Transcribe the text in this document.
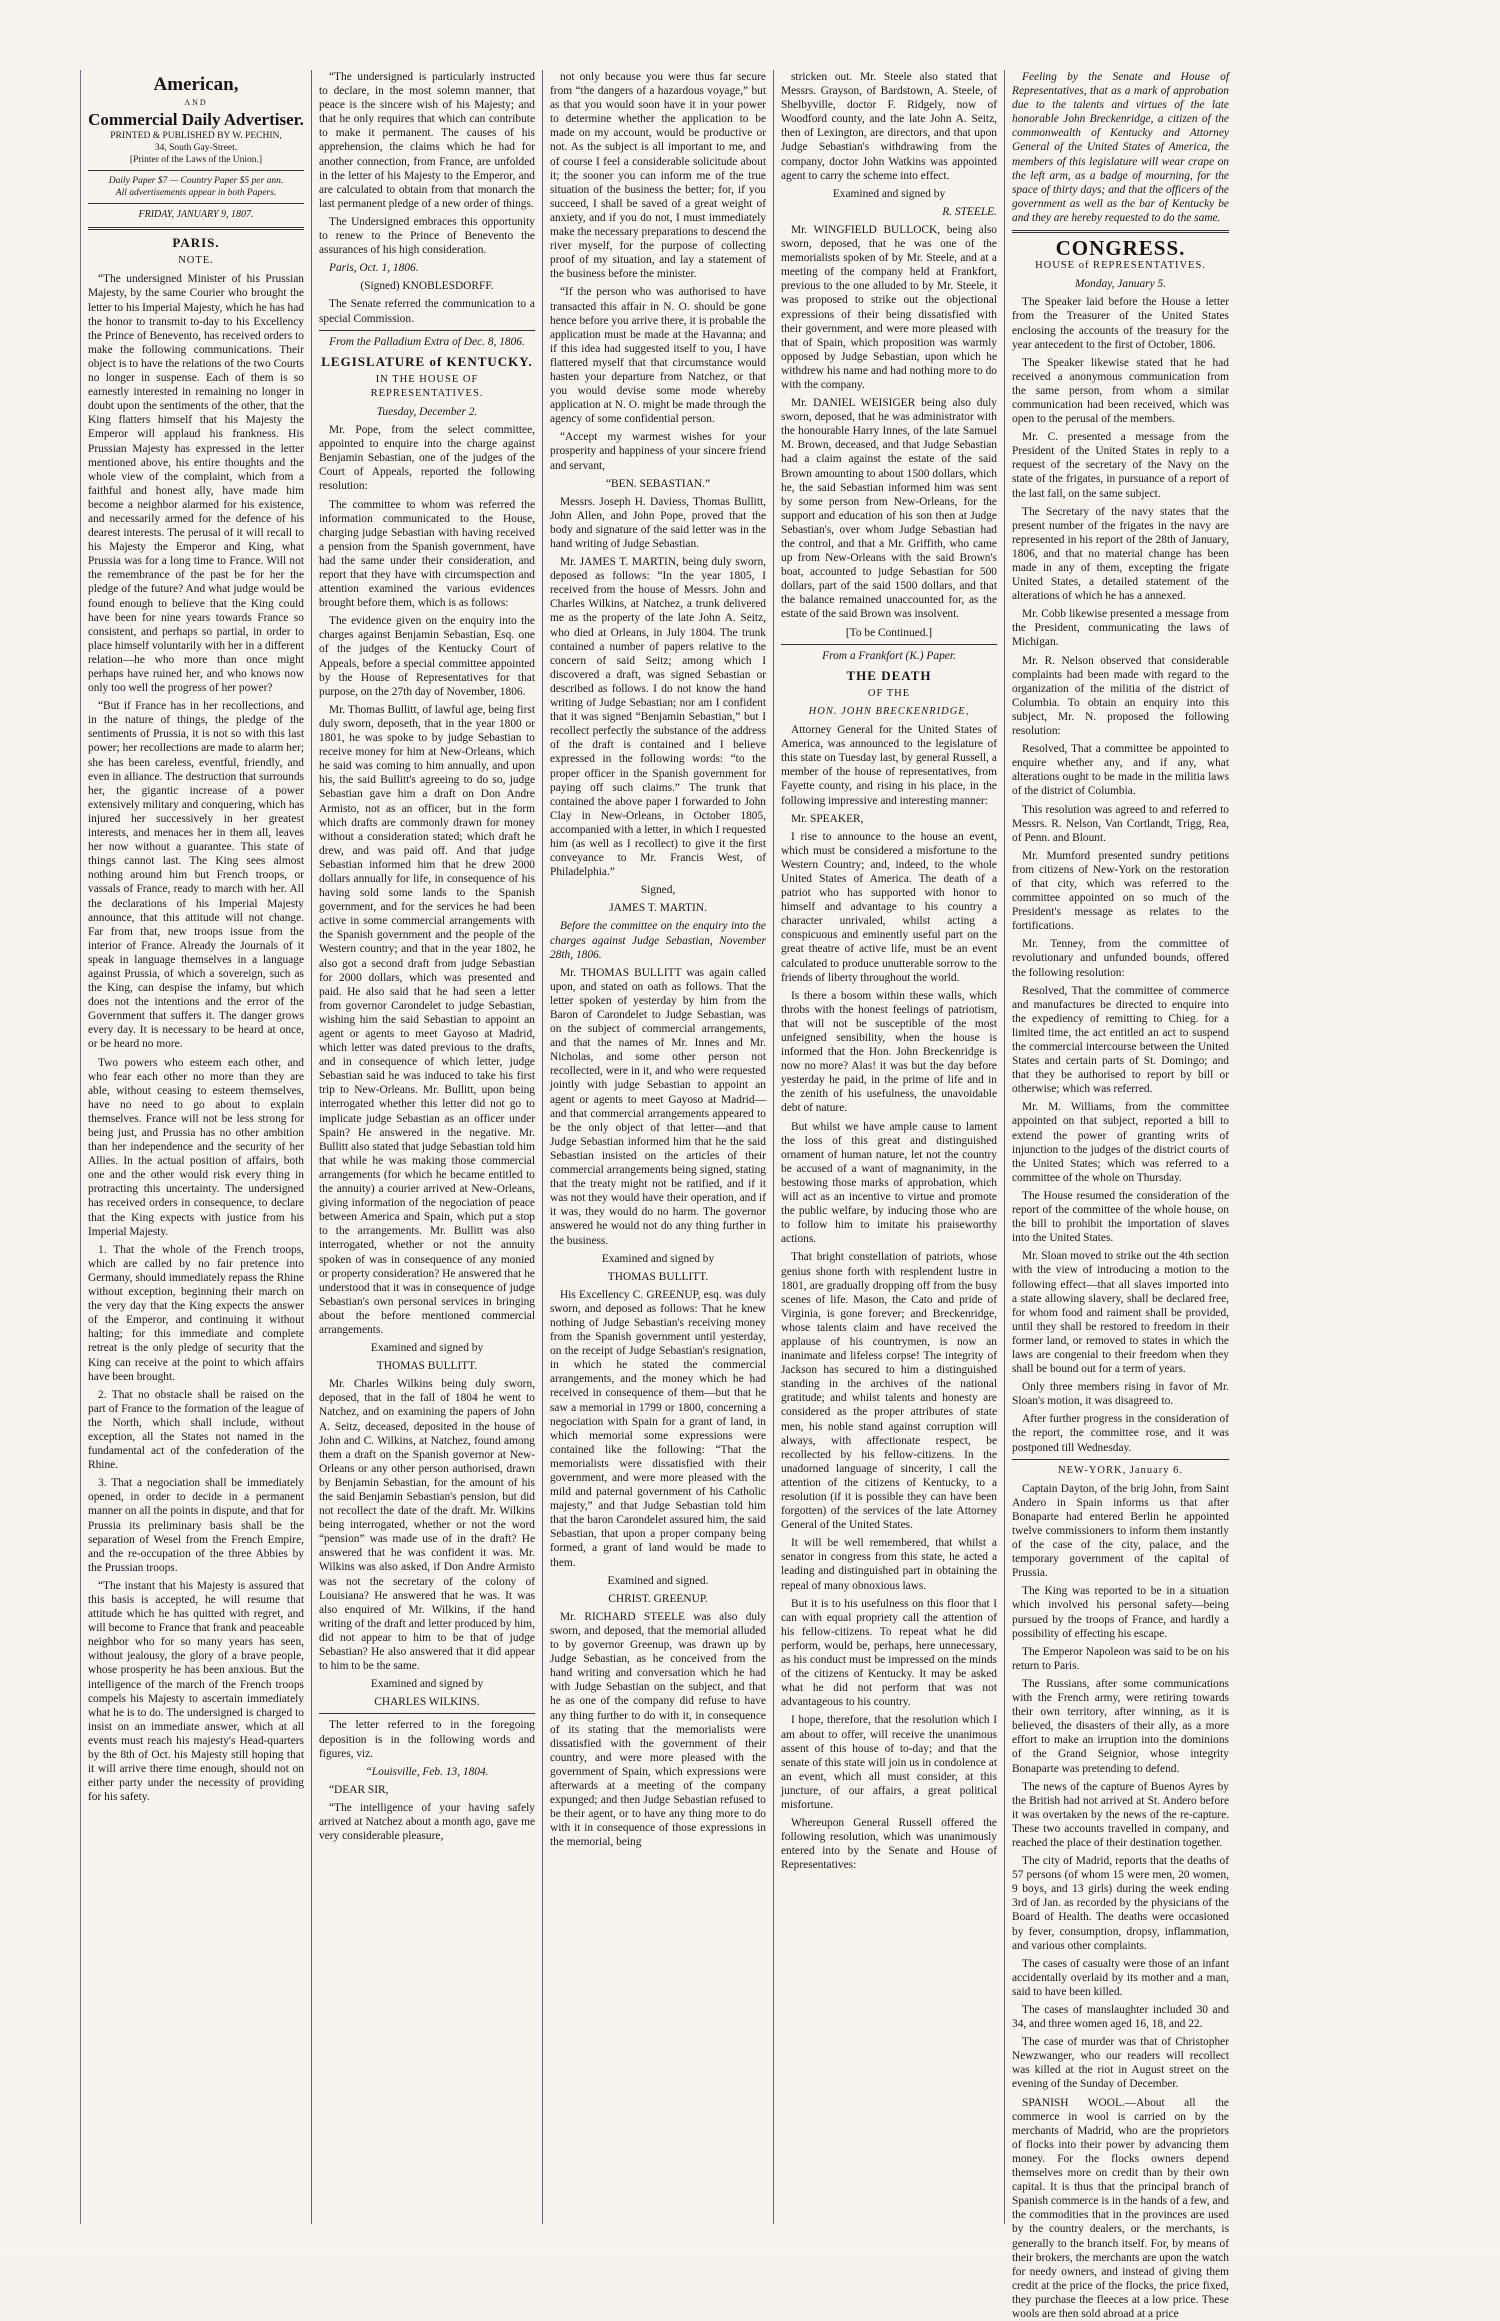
American,
AND
Commercial Daily Advertiser.
PRINTED & PUBLISHED BY W. PECHIN,
34, South Gay-Street.
[Printer of the Laws of the Union.]
Daily Paper $7 — Country Paper $5 per ann.
All advertisements appear in both Papers.
FRIDAY, JANUARY 9, 1807.
PARIS.
NOTE.

“The undersigned Minister of his Prussian Majesty, by the same Courier who brought the letter to his Imperial Majesty, which he has had the honor to transmit to-day to his Excellency the Prince of Benevento, has received orders to make the following communications. Their object is to have the relations of the two Courts no longer in suspense. Each of them is so earnestly interested in remaining no longer in doubt upon the sentiments of the other, that the King flatters himself that his Majesty the Emperor will applaud his frankness. His Prussian Majesty has expressed in the letter mentioned above, his entire thoughts and the whole view of the complaint, which from a faithful and honest ally, have made him become a neighbor alarmed for his existence, and necessarily armed for the defence of his dearest interests. The perusal of it will recall to his Majesty the Emperor and King, what Prussia was for a long time to France. Will not the remembrance of the past be for her the pledge of the future? And what judge would be found enough to believe that the King could have been for nine years towards France so consistent, and perhaps so partial, in order to place himself voluntarily with her in a different relation—he who more than once might perhaps have ruined her, and who knows now only too well the progress of her power?

“But if France has in her recollections, and in the nature of things, the pledge of the sentiments of Prussia, it is not so with this last power; her recollections are made to alarm her; she has been careless, eventful, friendly, and even in alliance. The destruction that surrounds her, the gigantic increase of a power extensively military and conquering, which has injured her successively in her greatest interests, and menaces her in them all, leaves her now without a guarantee. This state of things cannot last. The King sees almost nothing around him but French troops, or vassals of France, ready to march with her. All the declarations of his Imperial Majesty announce, that this attitude will not change. Far from that, new troops issue from the interior of France. Already the Journals of it speak in language themselves in a language against Prussia, of which a sovereign, such as the King, can despise the infamy, but which does not the intentions and the error of the Government that suffers it. The danger grows every day. It is necessary to be heard at once, or be heard no more.

Two powers who esteem each other, and who fear each other no more than they are able, without ceasing to esteem themselves, have no need to go about to explain themselves. France will not be less strong for being just, and Prussia has no other ambition than her independence and the security of her Allies. In the actual position of affairs, both one and the other would risk every thing in protracting this uncertainty. The undersigned has received orders in consequence, to declare that the King expects with justice from his Imperial Majesty.

1. That the whole of the French troops, which are called by no fair pretence into Germany, should immediately repass the Rhine without exception, beginning their march on the very day that the King expects the answer of the Emperor, and continuing it without halting; for this immediate and complete retreat is the only pledge of security that the King can receive at the point to which affairs have been brought.

2. That no obstacle shall be raised on the part of France to the formation of the league of the North, which shall include, without exception, all the States not named in the fundamental act of the confederation of the Rhine.

3. That a negociation shall be immediately opened, in order to decide in a permanent manner on all the points in dispute, and that for Prussia its preliminary basis shall be the separation of Wesel from the French Empire, and the re-occupation of the three Abbies by the Prussian troops.

“The instant that his Majesty is assured that this basis is accepted, he will resume that attitude which he has quitted with regret, and will become to France that frank and peaceable neighbor who for so many years has seen, without jealousy, the glory of a brave people, whose prosperity he has been anxious. But the intelligence of the march of the French troops compels his Majesty to ascertain immediately what he is to do. The undersigned is charged to insist on an immediate answer, which at all events must reach his majesty's Head-quarters by the 8th of Oct. his Majesty still hoping that it will arrive there time enough, should not on either party under the necessity of providing for his safety.

“The undersigned is particularly instructed to declare, in the most solemn manner, that peace is the sincere wish of his Majesty; and that he only requires that which can contribute to make it permanent. The causes of his apprehension, the claims which he had for another connection, from France, are unfolded in the letter of his Majesty to the Emperor, and are calculated to obtain from that monarch the last permanent pledge of a new order of things.

The Undersigned embraces this opportunity to renew to the Prince of Benevento the assurances of his high consideration.

Paris, Oct. 1, 1806.

(Signed) KNOBLESDORFF.

The Senate referred the communication to a special Commission.

From the Palladium Extra of Dec. 8, 1806.

LEGISLATURE of KENTUCKY.
IN THE HOUSE OF REPRESENTATIVES.

Tuesday, December 2.

Mr. Pope, from the select committee, appointed to enquire into the charge against Benjamin Sebastian, one of the judges of the Court of Appeals, reported the following resolution:

The committee to whom was referred the information communicated to the House, charging judge Sebastian with having received a pension from the Spanish government, have had the same under their consideration, and report that they have with circumspection and attention examined the various evidences brought before them, which is as follows:

The evidence given on the enquiry into the charges against Benjamin Sebastian, Esq. one of the judges of the Kentucky Court of Appeals, before a special committee appointed by the House of Representatives for that purpose, on the 27th day of November, 1806.

Mr. Thomas Bullitt, of lawful age, being first duly sworn, deposeth, that in the year 1800 or 1801, he was spoke to by judge Sebastian to receive money for him at New-Orleans, which he said was coming to him annually, and upon his, the said Bullitt's agreeing to do so, judge Sebastian gave him a draft on Don Andre Armisto, not as an officer, but in the form which drafts are commonly drawn for money without a consideration stated; which draft he drew, and was paid off. And that judge Sebastian informed him that he drew 2000 dollars annually for life, in consequence of his having sold some lands to the Spanish government, and for the services he had been active in some commercial arrangements with the Spanish government and the people of the Western country; and that in the year 1802, he also got a second draft from judge Sebastian for 2000 dollars, which was presented and paid. He also said that he had seen a letter from governor Carondelet to judge Sebastian, wishing him the said Sebastian to appoint an agent or agents to meet Gayoso at Madrid, which letter was dated previous to the drafts, and in consequence of which letter, judge Sebastian said he was induced to take his first trip to New-Orleans. Mr. Bullitt, upon being interrogated whether this letter did not go to implicate judge Sebastian as an officer under Spain? He answered in the negative. Mr. Bullitt also stated that judge Sebastian told him that while he was making those commercial arrangements (for which he became entitled to the annuity) a courier arrived at New-Orleans, giving information of the negociation of peace between America and Spain, which put a stop to the arrangements. Mr. Bullitt was also interrogated, whether or not the annuity spoken of was in consequence of any monied or property consideration? He answered that he understood that it was in consequence of judge Sebastian's own personal services in bringing about the before mentioned commercial arrangements.

Examined and signed by

THOMAS BULLITT.

Mr. Charles Wilkins being duly sworn, deposed, that in the fall of 1804 he went to Natchez, and on examining the papers of John A. Seitz, deceased, deposited in the house of John and C. Wilkins, at Natchez, found among them a draft on the Spanish governor at New-Orleans or any other person authorised, drawn by Benjamin Sebastian, for the amount of his the said Benjamin Sebastian's pension, but did not recollect the date of the draft. Mr. Wilkins being interrogated, whether or not the word “pension” was made use of in the draft? He answered that he was confident it was. Mr. Wilkins was also asked, if Don Andre Armisto was not the secretary of the colony of Louisiana? He answered that he was. It was also enquired of Mr. Wilkins, if the hand writing of the draft and letter produced by him, did not appear to him to be that of judge Sebastian? He also answered that it did appear to him to be the same.

Examined and signed by

CHARLES WILKINS.

The letter referred to in the foregoing deposition is in the following words and figures, viz.

“Louisville, Feb. 13, 1804.

“DEAR SIR,

“The intelligence of your having safely arrived at Natchez about a month ago, gave me very considerable pleasure,

not only because you were thus far secure from “the dangers of a hazardous voyage,” but as that you would soon have it in your power to determine whether the application to be made on my account, would be productive or not. As the subject is all important to me, and of course I feel a considerable solicitude about it; the sooner you can inform me of the true situation of the business the better; for, if you succeed, I shall be saved of a great weight of anxiety, and if you do not, I must immediately make the necessary preparations to descend the river myself, for the purpose of collecting proof of my situation, and lay a statement of the business before the minister.

“If the person who was authorised to have transacted this affair in N. O. should be gone hence before you arrive there, it is probable the application must be made at the Havanna; and if this idea had suggested itself to you, I have flattered myself that that circumstance would hasten your departure from Natchez, or that you would devise some mode whereby application at N. O. might be made through the agency of some confidential person.

“Accept my warmest wishes for your prosperity and happiness of your sincere friend and servant,

“BEN. SEBASTIAN.”

Messrs. Joseph H. Daviess, Thomas Bullitt, John Allen, and John Pope, proved that the body and signature of the said letter was in the hand writing of Judge Sebastian.

Mr. JAMES T. MARTIN, being duly sworn, deposed as follows: “In the year 1805, I received from the house of Messrs. John and Charles Wilkins, at Natchez, a trunk delivered me as the property of the late John A. Seitz, who died at Orleans, in July 1804. The trunk contained a number of papers relative to the concern of said Seitz; among which I discovered a draft, was signed Sebastian or described as follows. I do not know the hand writing of Judge Sebastian; nor am I confident that it was signed “Benjamin Sebastian,” but I recollect perfectly the substance of the address of the draft is contained and I believe expressed in the following words: “to the proper officer in the Spanish government for paying off such claims.” The trunk that contained the above paper I forwarded to John Clay in New-Orleans, in October 1805, accompanied with a letter, in which I requested him (as well as I recollect) to give it the first conveyance to Mr. Francis West, of Philadelphia.”

Signed,

JAMES T. MARTIN.

Before the committee on the enquiry into the charges against Judge Sebastian, November 28th, 1806.

Mr. THOMAS BULLITT was again called upon, and stated on oath as follows. That the letter spoken of yesterday by him from the Baron of Carondelet to Judge Sebastian, was on the subject of commercial arrangements, and that the names of Mr. Innes and Mr. Nicholas, and some other person not recollected, were in it, and who were requested jointly with judge Sebastian to appoint an agent or agents to meet Gayoso at Madrid—and that commercial arrangements appeared to be the only object of that letter—and that Judge Sebastian informed him that he the said Sebastian insisted on the articles of their commercial arrangements being signed, stating that the treaty might not be ratified, and if it was not they would have their operation, and if it was, they would do no harm. The governor answered he would not do any thing further in the business.

Examined and signed by

THOMAS BULLITT.

His Excellency C. GREENUP, esq. was duly sworn, and deposed as follows: That he knew nothing of Judge Sebastian's receiving money from the Spanish government until yesterday, on the receipt of Judge Sebastian's resignation, in which he stated the commercial arrangements, and the money which he had received in consequence of them—but that he saw a memorial in 1799 or 1800, concerning a negociation with Spain for a grant of land, in which memorial some expressions were contained like the following: “That the memorialists were dissatisfied with their government, and were more pleased with the mild and paternal government of his Catholic majesty,” and that Judge Sebastian told him that the baron Carondelet assured him, the said Sebastian, that upon a proper company being formed, a grant of land would be made to them.

Examined and signed.

CHRIST. GREENUP.

Mr. RICHARD STEELE was also duly sworn, and deposed, that the memorial alluded to by governor Greenup, was drawn up by Judge Sebastian, as he conceived from the hand writing and conversation which he had with Judge Sebastian on the subject, and that he as one of the company did refuse to have any thing further to do with it, in consequence of its stating that the memorialists were dissatisfied with the government of their country, and were more pleased with the government of Spain, which expressions were afterwards at a meeting of the company expunged; and then Judge Sebastian refused to be their agent, or to have any thing more to do with it in consequence of those expressions in the memorial, being

stricken out. Mr. Steele also stated that Messrs. Grayson, of Bardstown, A. Steele, of Shelbyville, doctor F. Ridgely, now of Woodford county, and the late John A. Seitz, then of Lexington, are directors, and that upon Judge Sebastian's withdrawing from the company, doctor John Watkins was appointed agent to carry the scheme into effect.

Examined and signed by

R. STEELE.

Mr. WINGFIELD BULLOCK, being also sworn, deposed, that he was one of the memorialists spoken of by Mr. Steele, and at a meeting of the company held at Frankfort, previous to the one alluded to by Mr. Steele, it was proposed to strike out the objectional expressions of their being dissatisfied with their government, and were more pleased with that of Spain, which proposition was warmly opposed by Judge Sebastian, upon which he withdrew his name and had nothing more to do with the company.

Mr. DANIEL WEISIGER being also duly sworn, deposed, that he was administrator with the honourable Harry Innes, of the late Samuel M. Brown, deceased, and that Judge Sebastian had a claim against the estate of the said Brown amounting to about 1500 dollars, which he, the said Sebastian informed him was sent by some person from New-Orleans, for the support and education of his son then at Judge Sebastian's, over whom Judge Sebastian had the control, and that a Mr. Griffith, who came up from New-Orleans with the said Brown's boat, accounted to judge Sebastian for 500 dollars, part of the said 1500 dollars, and that the balance remained unaccounted for, as the estate of the said Brown was insolvent.

[To be Continued.]

From a Frankfort (K.) Paper.

THE DEATH
OF THE
HON. JOHN BRECKENRIDGE,

Attorney General for the United States of America, was announced to the legislature of this state on Tuesday last, by general Russell, a member of the house of representatives, from Fayette county, and rising in his place, in the following impressive and interesting manner:

Mr. SPEAKER,

I rise to announce to the house an event, which must be considered a misfortune to the Western Country; and, indeed, to the whole United States of America. The death of a patriot who has supported with honor to himself and advantage to his country a character unrivaled, whilst acting a conspicuous and eminently useful part on the great theatre of active life, must be an event calculated to produce unutterable sorrow to the friends of liberty throughout the world.

Is there a bosom within these walls, which throbs with the honest feelings of patriotism, that will not be susceptible of the most unfeigned sensibility, when the house is informed that the Hon. John Breckenridge is now no more? Alas! it was but the day before yesterday he paid, in the prime of life and in the zenith of his usefulness, the unavoidable debt of nature.

But whilst we have ample cause to lament the loss of this great and distinguished ornament of human nature, let not the country be accused of a want of magnanimity, in the bestowing those marks of approbation, which will act as an incentive to virtue and promote the public welfare, by inducing those who are to follow him to imitate his praiseworthy actions.

That bright constellation of patriots, whose genius shone forth with resplendent lustre in 1801, are gradually dropping off from the busy scenes of life. Mason, the Cato and pride of Virginia, is gone forever; and Breckenridge, whose talents claim and have received the applause of his countrymen, is now an inanimate and lifeless corpse! The integrity of Jackson has secured to him a distinguished standing in the archives of the national gratitude; and whilst talents and honesty are considered as the proper attributes of state men, his noble stand against corruption will always, with affectionate respect, be recollected by his fellow-citizens. In the unadorned language of sincerity, I call the attention of the citizens of Kentucky, to a resolution (if it is possible they can have been forgotten) of the services of the late Attorney General of the United States.

It will be well remembered, that whilst a senator in congress from this state, he acted a leading and distinguished part in obtaining the repeal of many obnoxious laws.

But it is to his usefulness on this floor that I can with equal propriety call the attention of his fellow-citizens. To repeat what he did perform, would be, perhaps, here unnecessary, as his conduct must be impressed on the minds of the citizens of Kentucky. It may be asked what he did not perform that was not advantageous to his country.

I hope, therefore, that the resolution which I am about to offer, will receive the unanimous assent of this house of to-day; and that the senate of this state will join us in condolence at an event, which all must consider, at this juncture, of our affairs, a great political misfortune.

Whereupon General Russell offered the following resolution, which was unanimously entered into by the Senate and House of Representatives:

Feeling by the Senate and House of Representatives, that as a mark of approbation due to the talents and virtues of the late honorable John Breckenridge, a citizen of the commonwealth of Kentucky and Attorney General of the United States of America, the members of this legislature will wear crape on the left arm, as a badge of mourning, for the space of thirty days; and that the officers of the government as well as the bar of Kentucky be and they are hereby requested to do the same.

CONGRESS.
HOUSE of REPRESENTATIVES.

Monday, January 5.

The Speaker laid before the House a letter from the Treasurer of the United States enclosing the accounts of the treasury for the year antecedent to the first of October, 1806.

The Speaker likewise stated that he had received a anonymous communication from the same person, from whom a similar communication had been received, which was open to the perusal of the members.

Mr. C. presented a message from the President of the United States in reply to a request of the secretary of the Navy on the state of the frigates, in pursuance of a report of the last fall, on the same subject.

The Secretary of the navy states that the present number of the frigates in the navy are represented in his report of the 28th of January, 1806, and that no material change has been made in any of them, excepting the frigate United States, a detailed statement of the alterations of which he has a annexed.

Mr. Cobb likewise presented a message from the President, communicating the laws of Michigan.

Mr. R. Nelson observed that considerable complaints had been made with regard to the organization of the militia of the district of Columbia. To obtain an enquiry into this subject, Mr. N. proposed the following resolution:

Resolved, That a committee be appointed to enquire whether any, and if any, what alterations ought to be made in the militia laws of the district of Columbia.

This resolution was agreed to and referred to Messrs. R. Nelson, Van Cortlandt, Trigg, Rea, of Penn. and Blount.

Mr. Mumford presented sundry petitions from citizens of New-York on the restoration of that city, which was referred to the committee appointed on so much of the President's message as relates to the fortifications.

Mr. Tenney, from the committee of revolutionary and unfunded bounds, offered the following resolution:

Resolved, That the committee of commerce and manufactures be directed to enquire into the expediency of remitting to Chieg. for a limited time, the act entitled an act to suspend the commercial intercourse between the United States and certain parts of St. Domingo; and that they be authorised to report by bill or otherwise; which was referred.

Mr. M. Williams, from the committee appointed on that subject, reported a bill to extend the power of granting writs of injunction to the judges of the district courts of the United States; which was referred to a committee of the whole on Thursday.

The House resumed the consideration of the report of the committee of the whole house, on the bill to prohibit the importation of slaves into the United States.

Mr. Sloan moved to strike out the 4th section with the view of introducing a motion to the following effect—that all slaves imported into a state allowing slavery, shall be declared free, for whom food and raiment shall be provided, until they shall be restored to freedom in their former land, or removed to states in which the laws are congenial to their freedom when they shall be bound out for a term of years.

Only three members rising in favor of Mr. Sloan's motion, it was disagreed to.

After further progress in the consideration of the report, the committee rose, and it was postponed till Wednesday.

NEW-YORK, January 6.

Captain Dayton, of the brig John, from Saint Andero in Spain informs us that after Bonaparte had entered Berlin he appointed twelve commissioners to inform them instantly of the case of the city, palace, and the temporary government of the capital of Prussia.

The King was reported to be in a situation which involved his personal safety—being pursued by the troops of France, and hardly a possibility of effecting his escape.

The Emperor Napoleon was said to be on his return to Paris.

The Russians, after some communications with the French army, were retiring towards their own territory, after winning, as it is believed, the disasters of their ally, as a more effort to make an irruption into the dominions of the Grand Seignior, whose integrity Bonaparte was pretending to defend.

The news of the capture of Buenos Ayres by the British had not arrived at St. Andero before it was overtaken by the news of the re-capture. These two accounts travelled in company, and reached the place of their destination together.

The city of Madrid, reports that the deaths of 57 persons (of whom 15 were men, 20 women, 9 boys, and 13 girls) during the week ending 3rd of Jan. as recorded by the physicians of the Board of Health. The deaths were occasioned by fever, consumption, dropsy, inflammation, and various other complaints.

The cases of casualty were those of an infant accidentally overlaid by its mother and a man, said to have been killed.

The cases of manslaughter included 30 and 34, and three women aged 16, 18, and 22.

The case of murder was that of Christopher Newzwanger, who our readers will recollect was killed at the riot in August street on the evening of the Sunday of December.

SPANISH WOOL.—About all the commerce in wool is carried on by the merchants of Madrid, who are the proprietors of flocks into their power by advancing them money. For the flocks owners depend themselves more on credit than by their own capital. It is thus that the principal branch of Spanish commerce is in the hands of a few, and the commodities that in the provinces are used by the country dealers, or the merchants, is generally to the branch itself. For, by means of their brokers, the merchants are upon the watch for needy owners, and instead of giving them credit at the price of the flocks, the price fixed, they purchase the fleeces at a low price. These wools are then sold abroad at a price
